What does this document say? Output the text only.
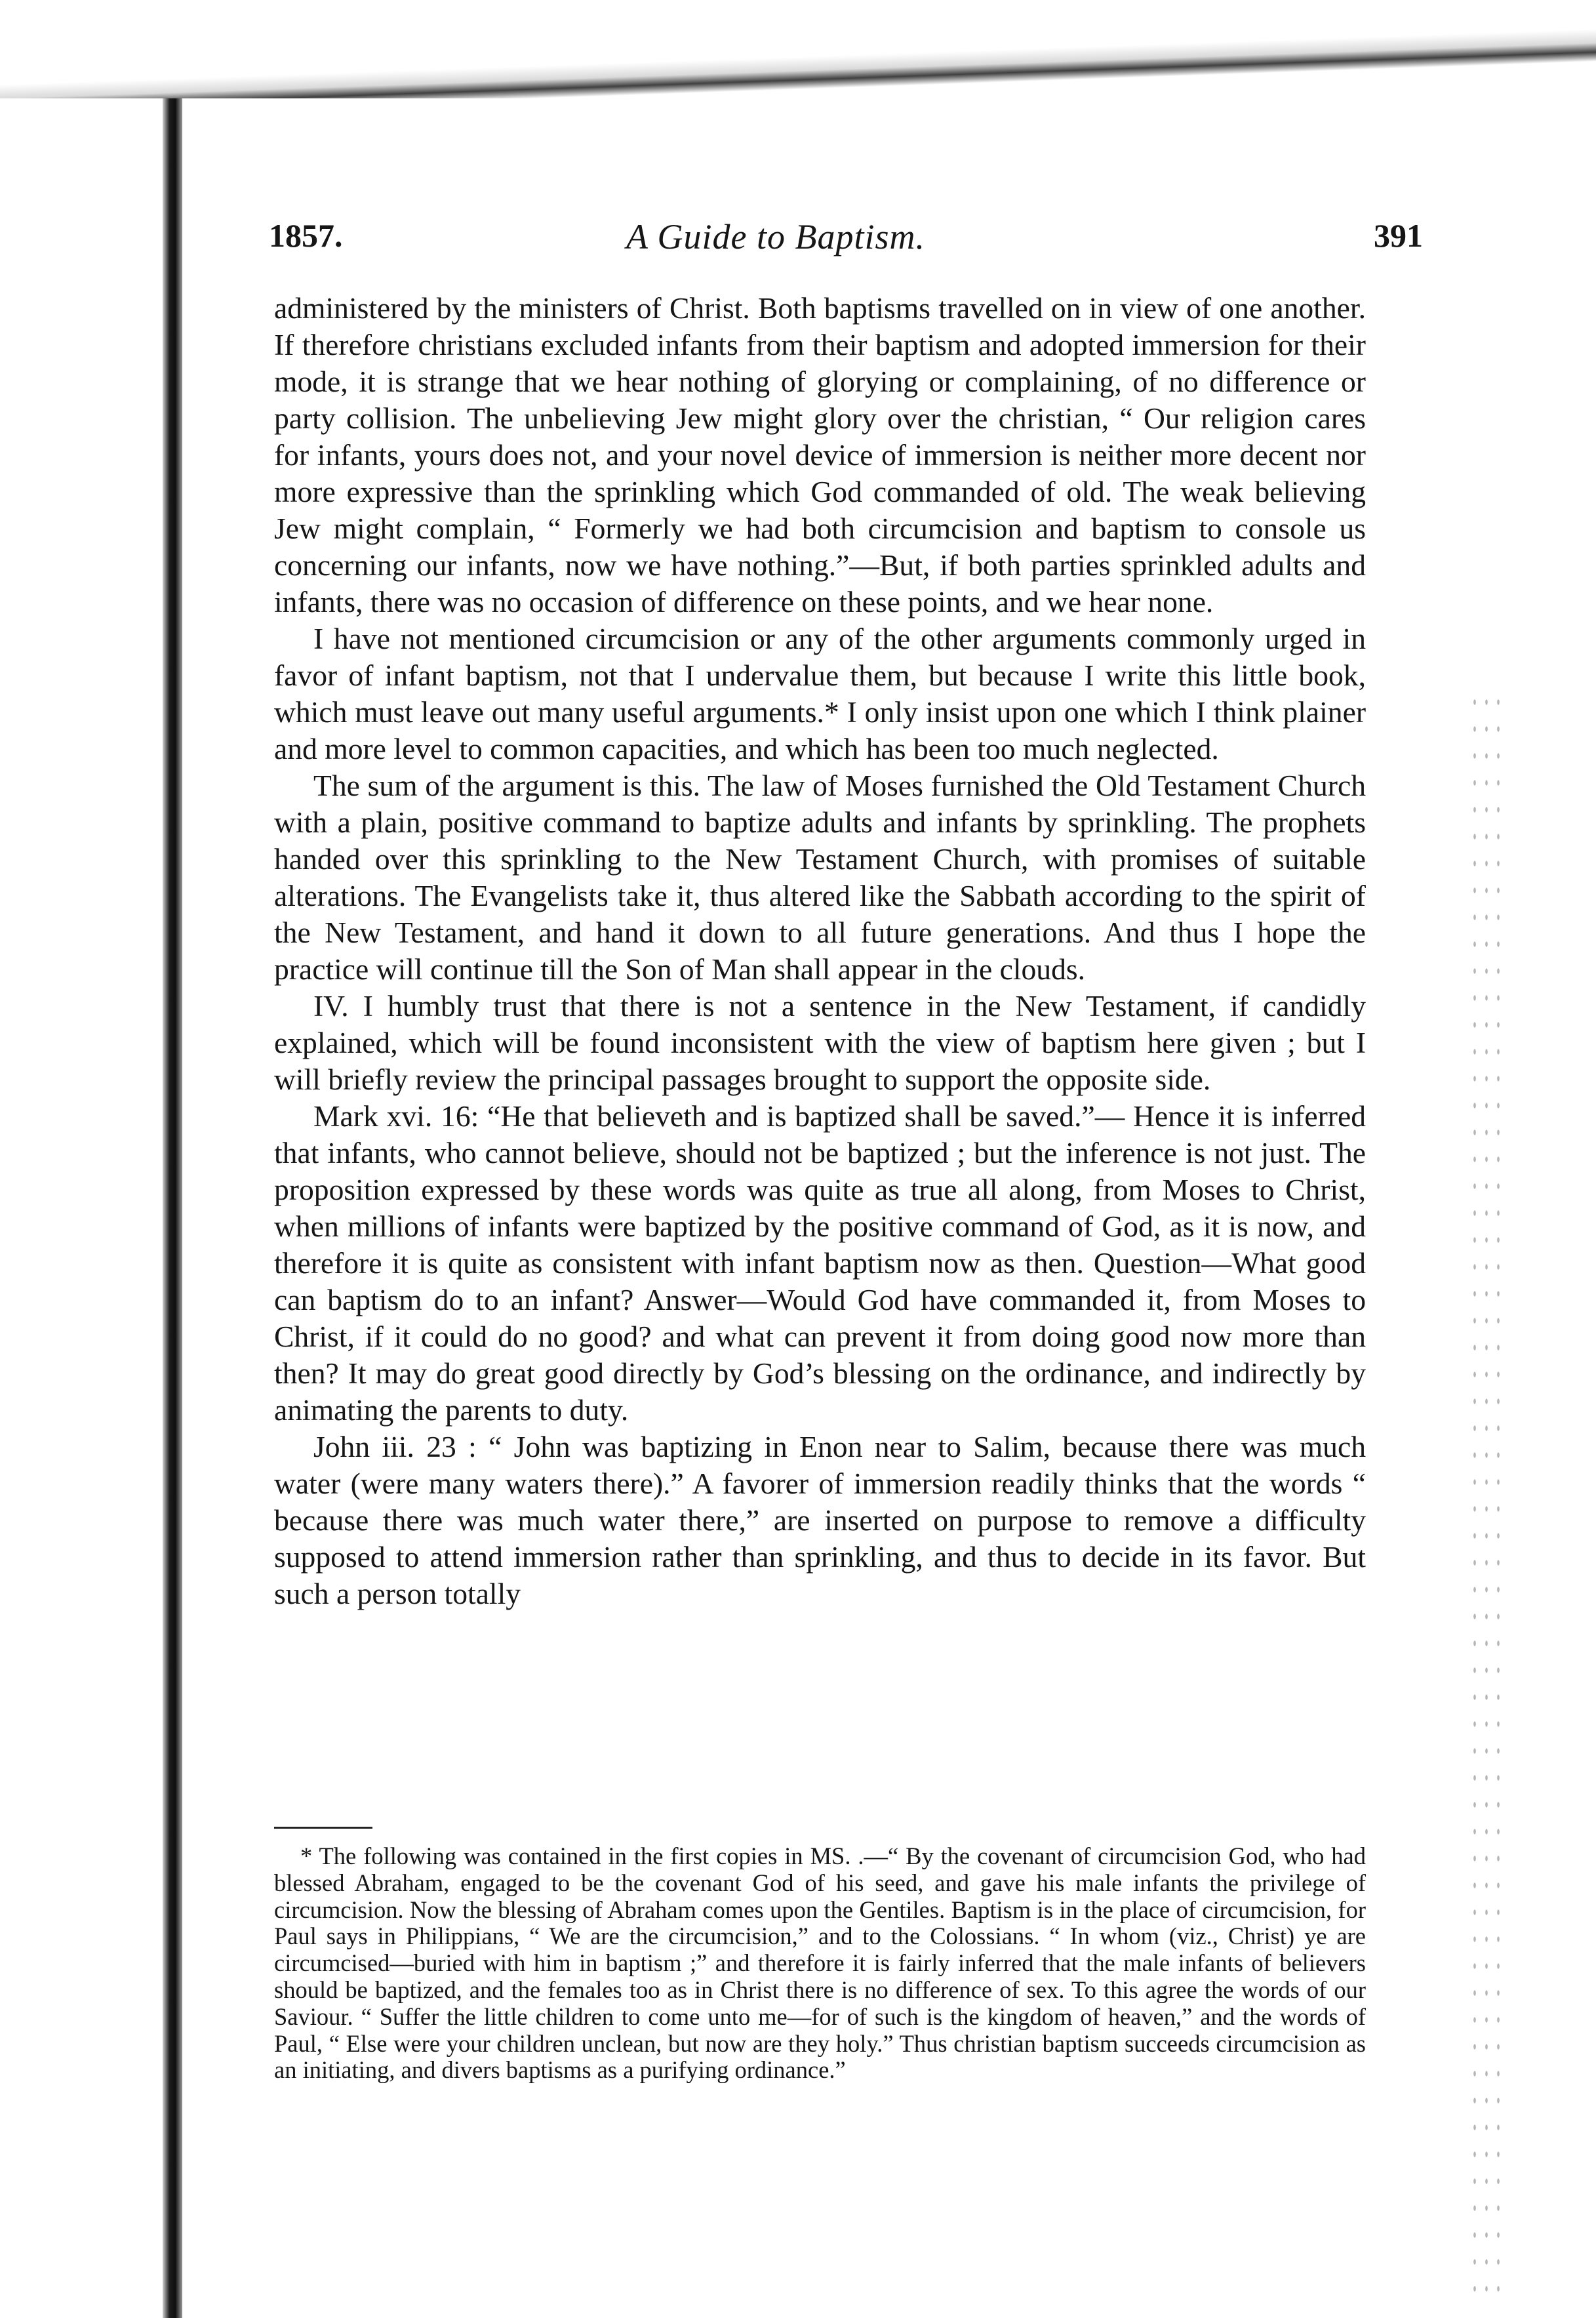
1857.	A Guide to Baptism.	391

administered by the ministers of Christ. Both baptisms travelled on in view of one another. If therefore christians excluded infants from their baptism and adopted immersion for their mode, it is strange that we hear nothing of glorying or complaining, of no difference or party collision. The unbelieving Jew might glory over the christian, “ Our religion cares for infants, yours does not, and your novel device of immersion is neither more decent nor more expressive than the sprinkling which God commanded of old. The weak believing Jew might complain, “ Formerly we had both circumcision and baptism to console us concerning our infants, now we have nothing.”—But, if both parties sprinkled adults and infants, there was no occasion of difference on these points, and we hear none.

I have not mentioned circumcision or any of the other arguments commonly urged in favor of infant baptism, not that I undervalue them, but because I write this little book, which must leave out many useful arguments.* I only insist upon one which I think plainer and more level to common capacities, and which has been too much neglected.

The sum of the argument is this. The law of Moses furnished the Old Testament Church with a plain, positive command to baptize adults and infants by sprinkling. The prophets handed over this sprinkling to the New Testament Church, with promises of suitable alterations. The Evangelists take it, thus altered like the Sabbath according to the spirit of the New Testament, and hand it down to all future generations. And thus I hope the practice will continue till the Son of Man shall appear in the clouds.

IV. I humbly trust that there is not a sentence in the New Testament, if candidly explained, which will be found inconsistent with the view of baptism here given ; but I will briefly review the principal passages brought to support the opposite side.

Mark xvi. 16: “He that believeth and is baptized shall be saved.”— Hence it is inferred that infants, who cannot believe, should not be baptized ; but the inference is not just. The proposition expressed by these words was quite as true all along, from Moses to Christ, when millions of infants were baptized by the positive command of God, as it is now, and therefore it is quite as consistent with infant baptism now as then. Question—What good can baptism do to an infant? Answer—Would God have commanded it, from Moses to Christ, if it could do no good? and what can prevent it from doing good now more than then? It may do great good directly by God’s blessing on the ordinance, and indirectly by animating the parents to duty.

John iii. 23 : “ John was baptizing in Enon near to Salim, because there was much water (were many waters there).” A favorer of immersion readily thinks that the words “ because there was much water there,” are inserted on purpose to remove a difficulty supposed to attend immersion rather than sprinkling, and thus to decide in its favor. But such a person totally

* The following was contained in the first copies in MS. .—“ By the covenant of circumcision God, who had blessed Abraham, engaged to be the covenant God of his seed, and gave his male infants the privilege of circumcision. Now the blessing of Abraham comes upon the Gentiles. Baptism is in the place of circumcision, for Paul says in Philippians, “ We are the circumcision,” and to the Colossians. “ In whom (viz., Christ) ye are circumcised—buried with him in baptism ;” and therefore it is fairly inferred that the male infants of believers should be baptized, and the females too as in Christ there is no difference of sex. To this agree the words of our Saviour. “ Suffer the little children to come unto me—for of such is the kingdom of heaven,” and the words of Paul, “ Else were your children unclean, but now are they holy.” Thus christian baptism succeeds circumcision as an initiating, and divers baptisms as a purifying ordinance.”
